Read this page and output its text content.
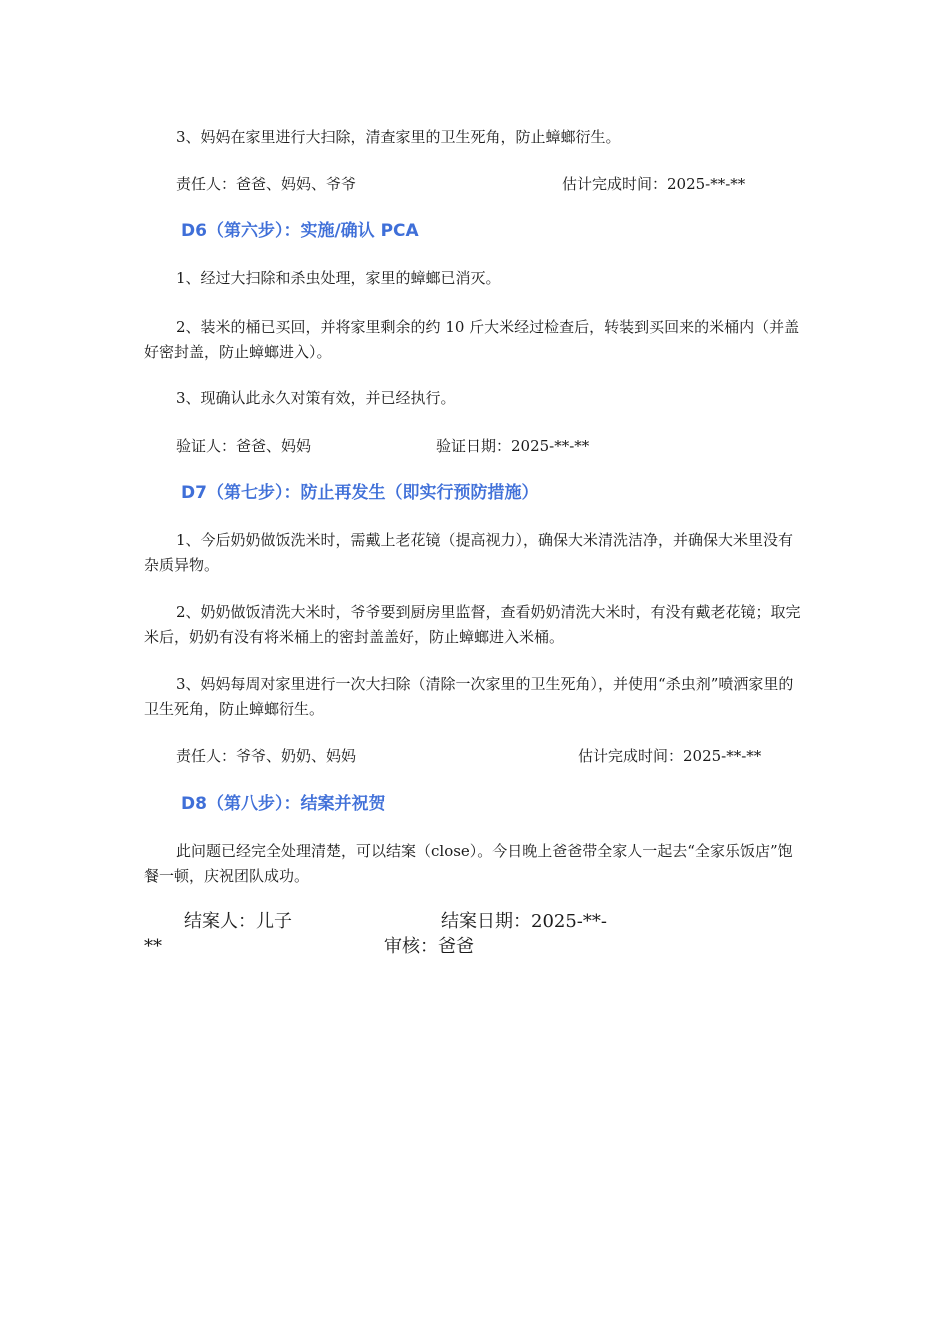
3、妈妈在家里进行大扫除，清查家里的卫生死角，防止蟑螂衍生。
责任人：爸爸、妈妈、爷爷	估计完成时间：2025-**-**
D6（第六步）：实施/确认 PCA
1、经过大扫除和杀虫处理，家里的蟑螂已消灭。
2、装米的桶已买回，并将家里剩余的约 10 斤大米经过检查后，转装到买回来的米桶内（并盖好密封盖，防止蟑螂进入）。
3、现确认此永久对策有效，并已经执行。
验证人：爸爸、妈妈	验证日期：2025-**-**
D7（第七步）：防止再发生（即实行预防措施）
1、今后奶奶做饭洗米时，需戴上老花镜（提高视力），确保大米清洗洁净，并确保大米里没有杂质异物。
2、奶奶做饭清洗大米时，爷爷要到厨房里监督，查看奶奶清洗大米时，有没有戴老花镜；取完米后，奶奶有没有将米桶上的密封盖盖好，防止蟑螂进入米桶。
3、妈妈每周对家里进行一次大扫除（清除一次家里的卫生死角），并使用“杀虫剂”喷洒家里的卫生死角，防止蟑螂衍生。
责任人：爷爷、奶奶、妈妈	估计完成时间：2025-**-**
D8（第八步）：结案并祝贺
此问题已经完全处理清楚，可以结案（close）。今日晚上爸爸带全家人一起去“全家乐饭店”饱餐一顿，庆祝团队成功。
结案人：儿子	结案日期：2025-**-
**	审核：爸爸
